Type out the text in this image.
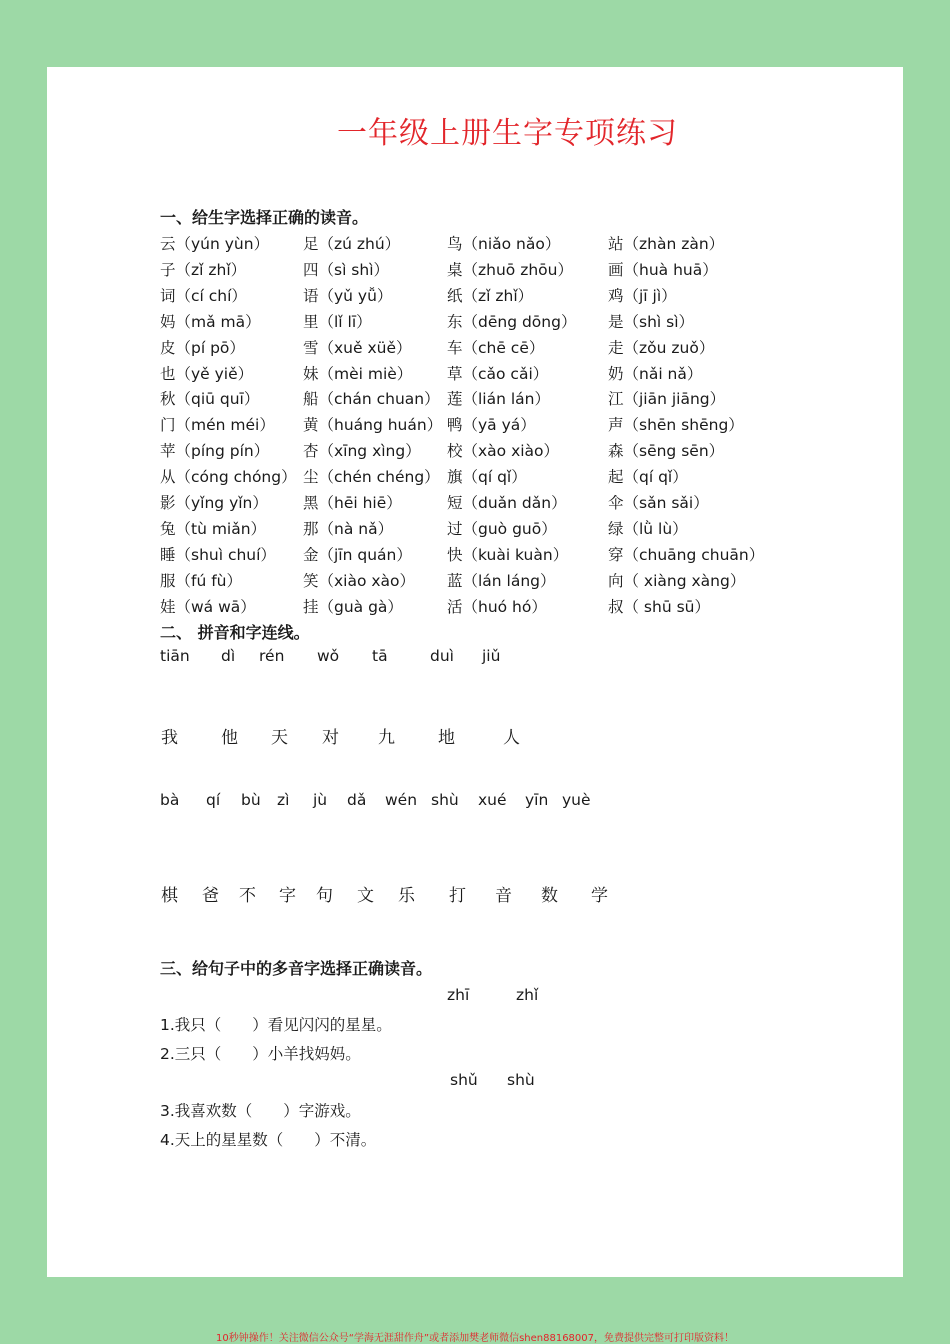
一年级上册生字专项练习
一、给生字选择正确的读音。
云（yún yùn） 足（zú zhú）	鸟（niǎo nǎo）	站（zhàn zàn）
子（zǐ zhǐ）	四（sì shì）	桌（zhuō zhōu） 画（huà huā）
词（cí chí）	语（yǔ yǚ）	纸（zǐ zhǐ）	鸡（jī jì）
妈（mǎ mā）	里（lǐ lī）	东（dēng dōng） 是（shì sì）
皮（pí pō）	雪（xuě xüě） 车（chē cē）	走（zǒu zuǒ）
也（yě yiě）	妹（mèi miè） 草（cǎo cǎi）	奶（nǎi nǎ）
秋（qiū quī）	船（chán chuan） 莲（lián lán）	江（jiān jiāng）
门（mén méi） 黄（huáng huán） 鸭（yā yá）	声（shēn shēng）
苹（píng pín） 杏（xīng xìng） 校（xào xiào）	森（sēng sēn）
从（cóng chóng） 尘（chén chéng） 旗（qí qǐ）	起（qí qǐ）
影（yǐng yǐn） 黑（hēi hiē）	短（duǎn dǎn）	伞（sǎn sǎi）
兔（tù miǎn） 那（nà nǎ）	过（guò guō）	绿（lǜ lù）
睡（shuì chuí） 金（jīn quán） 快（kuài kuàn）	穿（chuāng chuān）
服（fú fù）	笑（xiào xào） 蓝（lán láng）	向（ xiàng xàng）
娃（wá wā）	挂（guà gà）	活（huó hó）	叔（ shū sū）
二、 拼音和字连线。
tiān dì rén wǒ tā	duì jiǔ
我	他 天 对 九	地	人
bà qí bù zì jù dǎ wén shù xué yīn yuè
棋 爸 不 字 句 文 乐 打 音 数 学
三、给句子中的多音字选择正确读音。
zhī	zhǐ
1.我只（　　）看见闪闪的星星。
2.三只（　　）小羊找妈妈。
shǔ shù
3.我喜欢数（　　）字游戏。
4.天上的星星数（　　）不清。
10秒钟操作！关注微信公众号“学海无涯甜作舟”或者添加樊老师微信shen88168007，免费提供完整可打印版资料！
